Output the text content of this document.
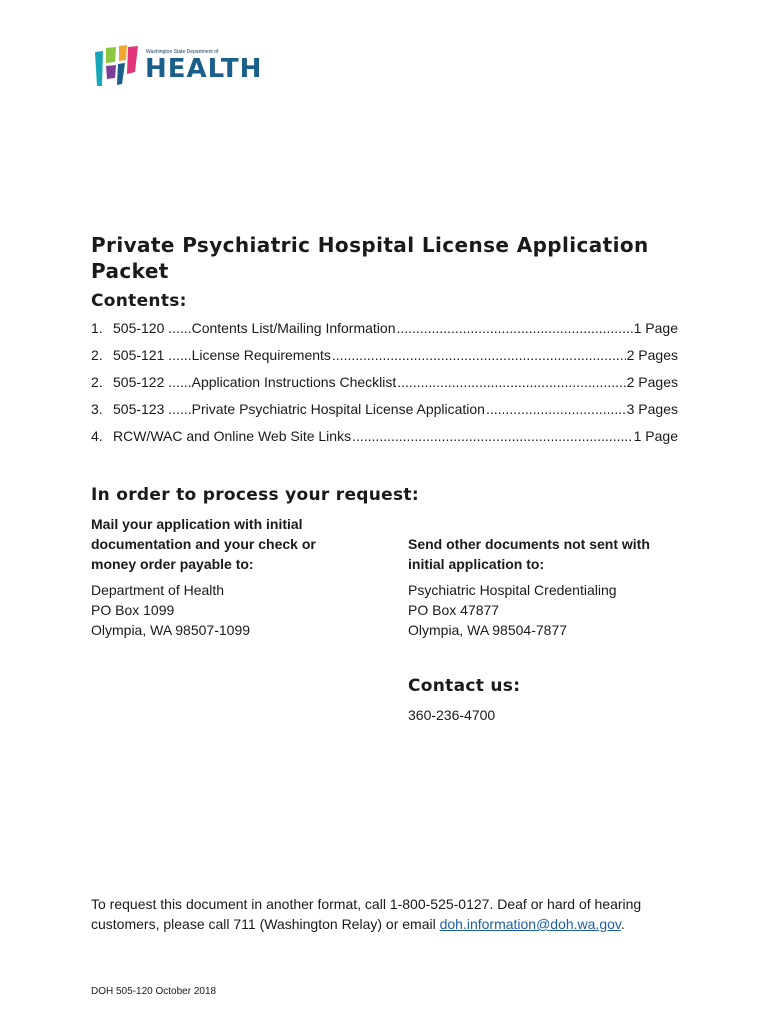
Washington State Department of
HEALTH
Private Psychiatric Hospital License Application Packet
Contents:
1. 505-120 ......Contents List/Mailing Information .....	1 Page
2. 505-121 ......License Requirements .....	2 Pages
2. 505-122 ......Application Instructions Checklist .....	2 Pages
3. 505-123 ......Private Psychiatric Hospital License Application .....	3 Pages
4. RCW/WAC and Online Web Site Links .....	1 Page
In order to process your request:

Mail your application with initial documentation and your check or money order payable to:

Send other documents not sent with initial application to:

Department of Health
PO Box 1099
Olympia, WA 98507-1099
Psychiatric Hospital Credentialing
PO Box 47877
Olympia, WA 98504-7877
Contact us:
360-236-4700

To request this document in another format, call 1-800-525-0127. Deaf or hard of hearing customers, please call 711 (Washington Relay) or email doh.information@doh.wa.gov.

DOH 505-120 October 2018
